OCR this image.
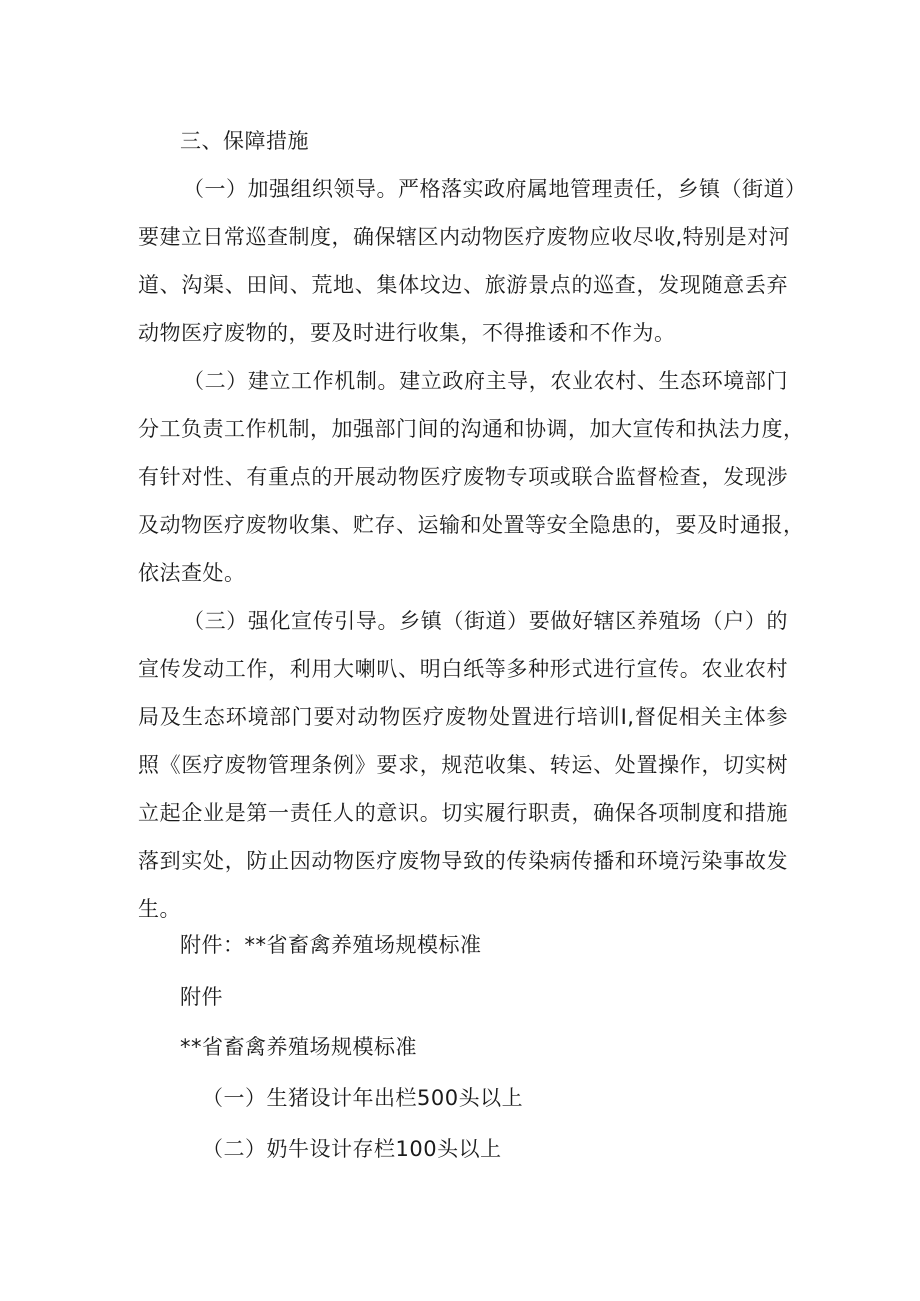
三、保障措施
（一）加强组织领导。严格落实政府属地管理责任，乡镇（街道）
要建立日常巡查制度，确保辖区内动物医疗废物应收尽收,特别是对河
道、沟渠、田间、荒地、集体坟边、旅游景点的巡查，发现随意丢弃
动物医疗废物的，要及时进行收集，不得推诿和不作为。
（二）建立工作机制。建立政府主导，农业农村、生态环境部门
分工负责工作机制，加强部门间的沟通和协调，加大宣传和执法力度，
有针对性、有重点的开展动物医疗废物专项或联合监督检查，发现涉
及动物医疗废物收集、贮存、运输和处置等安全隐患的，要及时通报，
依法查处。
（三）强化宣传引导。乡镇（街道）要做好辖区养殖场（户）的
宣传发动工作，利用大喇叭、明白纸等多种形式进行宣传。农业农村
局及生态环境部门要对动物医疗废物处置进行培训I,督促相关主体参
照《医疗废物管理条例》要求，规范收集、转运、处置操作，切实树
立起企业是第一责任人的意识。切实履行职责，确保各项制度和措施
落到实处，防止因动物医疗废物导致的传染病传播和环境污染事故发
生。
附件：**省畜禽养殖场规模标准
附件
**省畜禽养殖场规模标准
（一）生猪设计年出栏500头以上
（二）奶牛设计存栏100头以上
